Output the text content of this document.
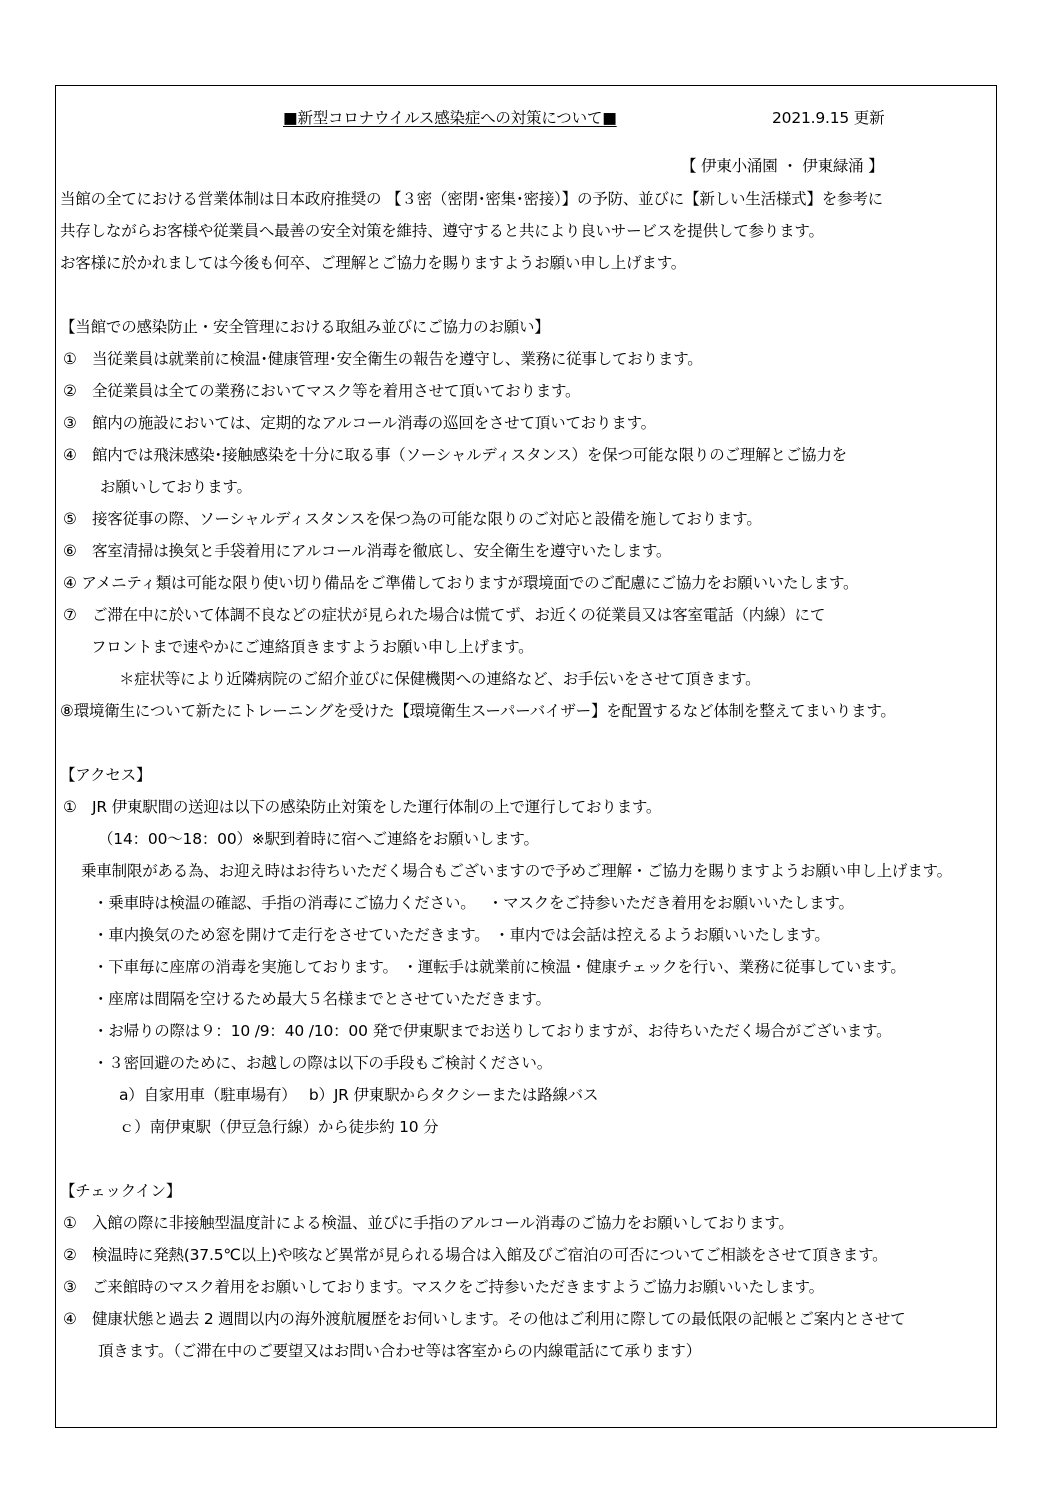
■新型コロナウイルス感染症への対策について■	2021.9.15 更新
【 伊東小涌園 ・ 伊東緑涌 】
当館の全てにおける営業体制は日本政府推奨の 【３密（密閉･密集･密接）】の予防、並びに【新しい生活様式】を参考に
共存しながらお客様や従業員へ最善の安全対策を維持、遵守すると共により良いサービスを提供して参ります。
お客様に於かれましては今後も何卒、ご理解とご協力を賜りますようお願い申し上げます。
【当館での感染防止・安全管理における取組み並びにご協力のお願い】
①　当従業員は就業前に検温･健康管理･安全衛生の報告を遵守し、業務に従事しております。
②　全従業員は全ての業務においてマスク等を着用させて頂いております。
③　館内の施設においては、定期的なアルコール消毒の巡回をさせて頂いております。
④　館内では飛沫感染･接触感染を十分に取る事（ソーシャルディスタンス）を保つ可能な限りのご理解とご協力を
お願いしております。
⑤　接客従事の際、ソーシャルディスタンスを保つ為の可能な限りのご対応と設備を施しております。
⑥　客室清掃は換気と手袋着用にアルコール消毒を徹底し、安全衛生を遵守いたします。
④ アメニティ類は可能な限り使い切り備品をご準備しておりますが環境面でのご配慮にご協力をお願いいたします。
⑦　ご滞在中に於いて体調不良などの症状が見られた場合は慌てず、お近くの従業員又は客室電話（内線）にて
フロントまで速やかにご連絡頂きますようお願い申し上げます。
＊症状等により近隣病院のご紹介並びに保健機関への連絡など、お手伝いをさせて頂きます。
⑧環境衛生について新たにトレーニングを受けた【環境衛生スーパーバイザー】を配置するなど体制を整えてまいります。
【アクセス】
①　JR 伊東駅間の送迎は以下の感染防止対策をした運行体制の上で運行しております。
（14：00～18：00）※駅到着時に宿へご連絡をお願いします。
乗車制限がある為、お迎え時はお待ちいただく場合もございますので予めご理解・ご協力を賜りますようお願い申し上げます。
・乗車時は検温の確認、手指の消毒にご協力ください。　 ・マスクをご持参いただき着用をお願いいたします。
・車内換気のため窓を開けて走行をさせていただきます。 ・車内では会話は控えるようお願いいたします。
・下車毎に座席の消毒を実施しております。 ・運転手は就業前に検温・健康チェックを行い、業務に従事しています。
・座席は間隔を空けるため最大５名様までとさせていただきます。
・お帰りの際は９：10 /9：40 /10：00 発で伊東駅までお送りしておりますが、お待ちいただく場合がございます。
・３密回避のために、お越しの際は以下の手段もご検討ください。
a）自家用車（駐車場有）　 b）JR 伊東駅からタクシーまたは路線バス
ｃ）南伊東駅（伊豆急行線）から徒歩約 10 分
【チェックイン】
①　入館の際に非接触型温度計による検温、並びに手指のアルコール消毒のご協力をお願いしております。
②　検温時に発熱(37.5℃以上)や咳など異常が見られる場合は入館及びご宿泊の可否についてご相談をさせて頂きます。
③　ご来館時のマスク着用をお願いしております。マスクをご持参いただきますようご協力お願いいたします。
④　健康状態と過去 2 週間以内の海外渡航履歴をお伺いします。その他はご利用に際しての最低限の記帳とご案内とさせて
頂きます。（ご滞在中のご要望又はお問い合わせ等は客室からの内線電話にて承ります）
